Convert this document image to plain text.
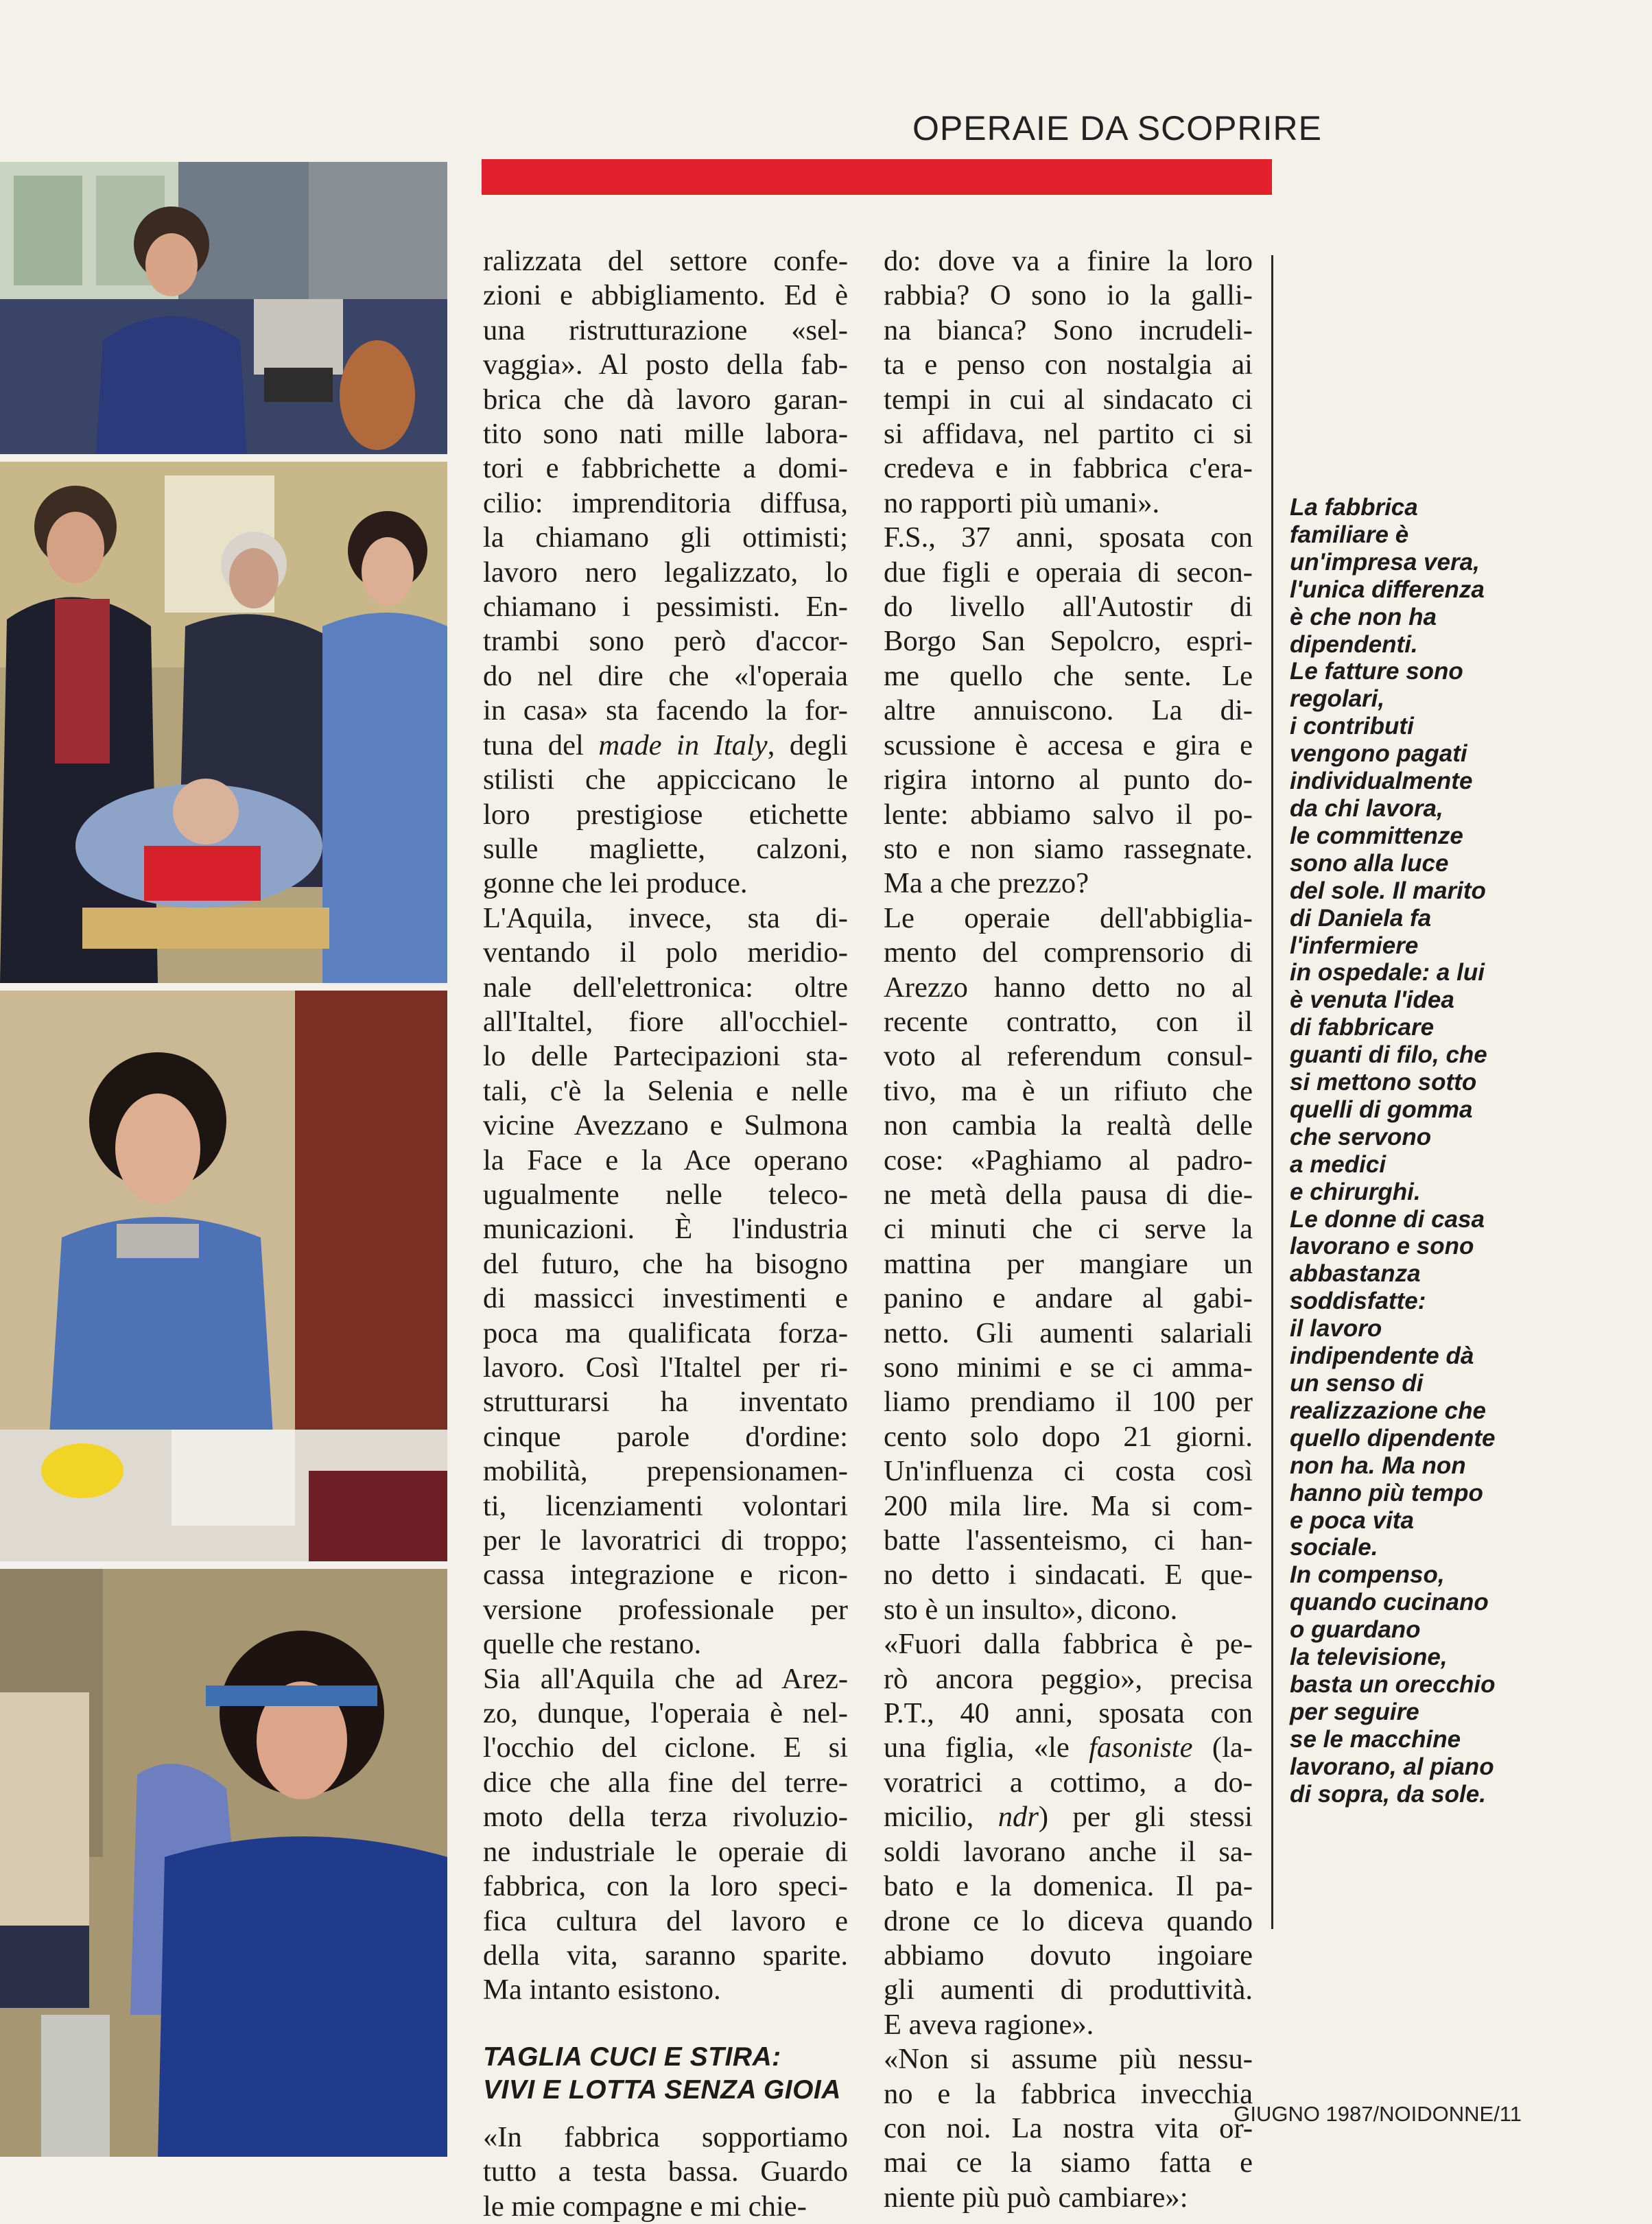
OPERAIE DA SCOPRIRE
ralizzata del settore confe-
zioni e abbigliamento. Ed è
una ristrutturazione «sel-
vaggia». Al posto della fab-
brica che dà lavoro garan-
tito sono nati mille labora-
tori e fabbrichette a domi-
cilio: imprenditoria diffusa,
la chiamano gli ottimisti;
lavoro nero legalizzato, lo
chiamano i pessimisti. En-
trambi sono però d'accor-
do nel dire che «l'operaia
in casa» sta facendo la for-
tuna del made in Italy, degli
stilisti che appiccicano le
loro prestigiose etichette
sulle magliette, calzoni,
gonne che lei produce.
L'Aquila, invece, sta di-
ventando il polo meridio-
nale dell'elettronica: oltre
all'Italtel, fiore all'occhiel-
lo delle Partecipazioni sta-
tali, c'è la Selenia e nelle
vicine Avezzano e Sulmona
la Face e la Ace operano
ugualmente nelle teleco-
municazioni. È l'industria
del futuro, che ha bisogno
di massicci investimenti e
poca ma qualificata forza-
lavoro. Così l'Italtel per ri-
strutturarsi ha inventato
cinque parole d'ordine:
mobilità, prepensionamen-
ti, licenziamenti volontari
per le lavoratrici di troppo;
cassa integrazione e ricon-
versione professionale per
quelle che restano.
Sia all'Aquila che ad Arez-
zo, dunque, l'operaia è nel-
l'occhio del ciclone. E si
dice che alla fine del terre-
moto della terza rivoluzio-
ne industriale le operaie di
fabbrica, con la loro speci-
fica cultura del lavoro e
della vita, saranno sparite.
Ma intanto esistono.
TAGLIA CUCI E STIRA:
VIVI E LOTTA SENZA GIOIA
«In fabbrica sopportiamo
tutto a testa bassa. Guardo
le mie compagne e mi chie-
do: dove va a finire la loro
rabbia? O sono io la galli-
na bianca? Sono incrudeli-
ta e penso con nostalgia ai
tempi in cui al sindacato ci
si affidava, nel partito ci si
credeva e in fabbrica c'era-
no rapporti più umani».
F.S., 37 anni, sposata con
due figli e operaia di secon-
do livello all'Autostir di
Borgo San Sepolcro, espri-
me quello che sente. Le
altre annuiscono. La di-
scussione è accesa e gira e
rigira intorno al punto do-
lente: abbiamo salvo il po-
sto e non siamo rassegnate.
Ma a che prezzo?
Le operaie dell'abbiglia-
mento del comprensorio di
Arezzo hanno detto no al
recente contratto, con il
voto al referendum consul-
tivo, ma è un rifiuto che
non cambia la realtà delle
cose: «Paghiamo al padro-
ne metà della pausa di die-
ci minuti che ci serve la
mattina per mangiare un
panino e andare al gabi-
netto. Gli aumenti salariali
sono minimi e se ci amma-
liamo prendiamo il 100 per
cento solo dopo 21 giorni.
Un'influenza ci costa così
200 mila lire. Ma si com-
batte l'assenteismo, ci han-
no detto i sindacati. E que-
sto è un insulto», dicono.
«Fuori dalla fabbrica è pe-
rò ancora peggio», precisa
P.T., 40 anni, sposata con
una figlia, «le fasoniste (la-
voratrici a cottimo, a do-
micilio, ndr) per gli stessi
soldi lavorano anche il sa-
bato e la domenica. Il pa-
drone ce lo diceva quando
abbiamo dovuto ingoiare
gli aumenti di produttività.
E aveva ragione».
«Non si assume più nessu-
no e la fabbrica invecchia
con noi. La nostra vita or-
mai ce la siamo fatta e
niente più può cambiare»:
La fabbrica
familiare è
un'impresa vera,
l'unica differenza
è che non ha
dipendenti.
Le fatture sono
regolari,
i contributi
vengono pagati
individualmente
da chi lavora,
le committenze
sono alla luce
del sole. Il marito
di Daniela fa
l'infermiere
in ospedale: a lui
è venuta l'idea
di fabbricare
guanti di filo, che
si mettono sotto
quelli di gomma
che servono
a medici
e chirurghi.
Le donne di casa
lavorano e sono
abbastanza
soddisfatte:
il lavoro
indipendente dà
un senso di
realizzazione che
quello dipendente
non ha. Ma non
hanno più tempo
e poca vita
sociale.
In compenso,
quando cucinano
o guardano
la televisione,
basta un orecchio
per seguire
se le macchine
lavorano, al piano
di sopra, da sole.
GIUGNO 1987/NOIDONNE/11
